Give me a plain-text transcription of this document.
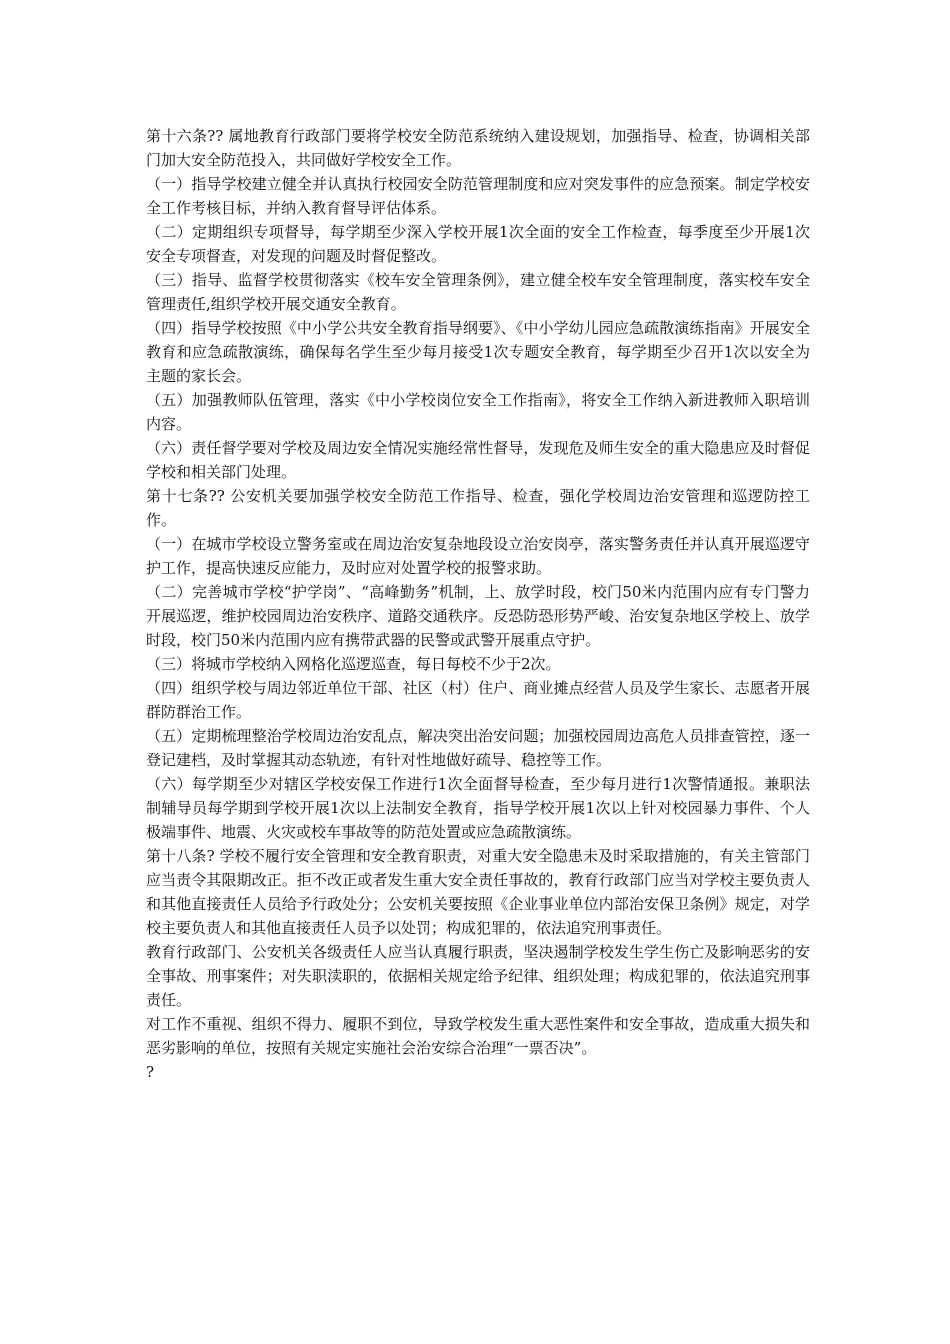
第十六条?? 属地教育行政部门要将学校安全防范系统纳入建设规划，加强指导、检查，协调相关部门加大安全防范投入，共同做好学校安全工作。

（一）指导学校建立健全并认真执行校园安全防范管理制度和应对突发事件的应急预案。制定学校安全工作考核目标，并纳入教育督导评估体系。

（二）定期组织专项督导，每学期至少深入学校开展1次全面的安全工作检查，每季度至少开展1次安全专项督查，对发现的问题及时督促整改。

（三）指导、监督学校贯彻落实《校车安全管理条例》，建立健全校车安全管理制度，落实校车安全管理责任,组织学校开展交通安全教育。

（四）指导学校按照《中小学公共安全教育指导纲要》、《中小学幼儿园应急疏散演练指南》开展安全教育和应急疏散演练，确保每名学生至少每月接受1次专题安全教育，每学期至少召开1次以安全为主题的家长会。

（五）加强教师队伍管理，落实《中小学校岗位安全工作指南》，将安全工作纳入新进教师入职培训内容。

（六）责任督学要对学校及周边安全情况实施经常性督导，发现危及师生安全的重大隐患应及时督促学校和相关部门处理。

第十七条?? 公安机关要加强学校安全防范工作指导、检查，强化学校周边治安管理和巡逻防控工作。

（一）在城市学校设立警务室或在周边治安复杂地段设立治安岗亭，落实警务责任并认真开展巡逻守护工作，提高快速反应能力，及时应对处置学校的报警求助。

（二）完善城市学校“护学岗”、“高峰勤务”机制，上、放学时段，校门50米内范围内应有专门警力开展巡逻，维护校园周边治安秩序、道路交通秩序。反恐防恐形势严峻、治安复杂地区学校上、放学时段，校门50米内范围内应有携带武器的民警或武警开展重点守护。

（三）将城市学校纳入网格化巡逻巡查，每日每校不少于2次。

（四）组织学校与周边邻近单位干部、社区（村）住户、商业摊点经营人员及学生家长、志愿者开展群防群治工作。

（五）定期梳理整治学校周边治安乱点，解决突出治安问题；加强校园周边高危人员排查管控，逐一登记建档，及时掌握其动态轨迹，有针对性地做好疏导、稳控等工作。

（六）每学期至少对辖区学校安保工作进行1次全面督导检查，至少每月进行1次警情通报。兼职法制辅导员每学期到学校开展1次以上法制安全教育，指导学校开展1次以上针对校园暴力事件、个人极端事件、地震、火灾或校车事故等的防范处置或应急疏散演练。

第十八条? 学校不履行安全管理和安全教育职责，对重大安全隐患未及时采取措施的，有关主管部门应当责令其限期改正。拒不改正或者发生重大安全责任事故的，教育行政部门应当对学校主要负责人和其他直接责任人员给予行政处分；公安机关要按照《企业事业单位内部治安保卫条例》规定，对学校主要负责人和其他直接责任人员予以处罚；构成犯罪的，依法追究刑事责任。

教育行政部门、公安机关各级责任人应当认真履行职责，坚决遏制学校发生学生伤亡及影响恶劣的安全事故、刑事案件；对失职渎职的，依据相关规定给予纪律、组织处理；构成犯罪的，依法追究刑事责任。

对工作不重视、组织不得力、履职不到位，导致学校发生重大恶性案件和安全事故，造成重大损失和恶劣影响的单位，按照有关规定实施社会治安综合治理“一票否决”。

?
